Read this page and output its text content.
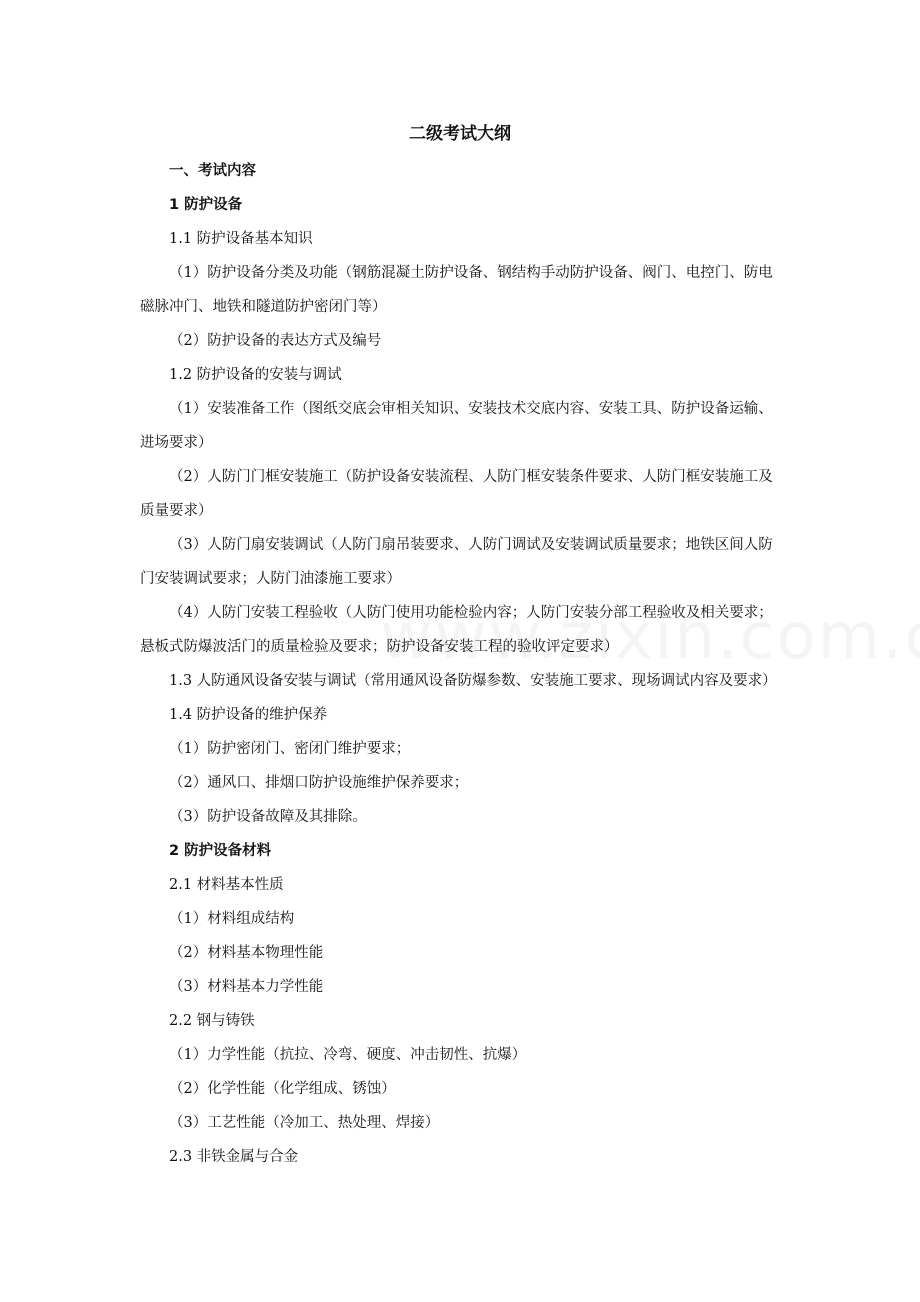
二级考试大纲

一、考试内容

1 防护设备

1.1 防护设备基本知识

（1）防护设备分类及功能（钢筋混凝土防护设备、钢结构手动防护设备、阀门、电控门、防电磁脉冲门、地铁和隧道防护密闭门等）

（2）防护设备的表达方式及编号

1.2 防护设备的安装与调试

（1）安装准备工作（图纸交底会审相关知识、安装技术交底内容、安装工具、防护设备运输、进场要求）

（2）人防门门框安装施工（防护设备安装流程、人防门框安装条件要求、人防门框安装施工及质量要求）

（3）人防门扇安装调试（人防门扇吊装要求、人防门调试及安装调试质量要求；地铁区间人防门安装调试要求；人防门油漆施工要求）

（4）人防门安装工程验收（人防门使用功能检验内容；人防门安装分部工程验收及相关要求；悬板式防爆波活门的质量检验及要求；防护设备安装工程的验收评定要求）

1.3 人防通风设备安装与调试（常用通风设备防爆参数、安装施工要求、现场调试内容及要求）

1.4 防护设备的维护保养

（1）防护密闭门、密闭门维护要求；

（2）通风口、排烟口防护设施维护保养要求；

（3）防护设备故障及其排除。

2 防护设备材料

2.1 材料基本性质

（1）材料组成结构

（2）材料基本物理性能

（3）材料基本力学性能

2.2 钢与铸铁

（1）力学性能（抗拉、冷弯、硬度、冲击韧性、抗爆）

（2）化学性能（化学组成、锈蚀）

（3）工艺性能（冷加工、热处理、焊接）

2.3 非铁金属与合金
